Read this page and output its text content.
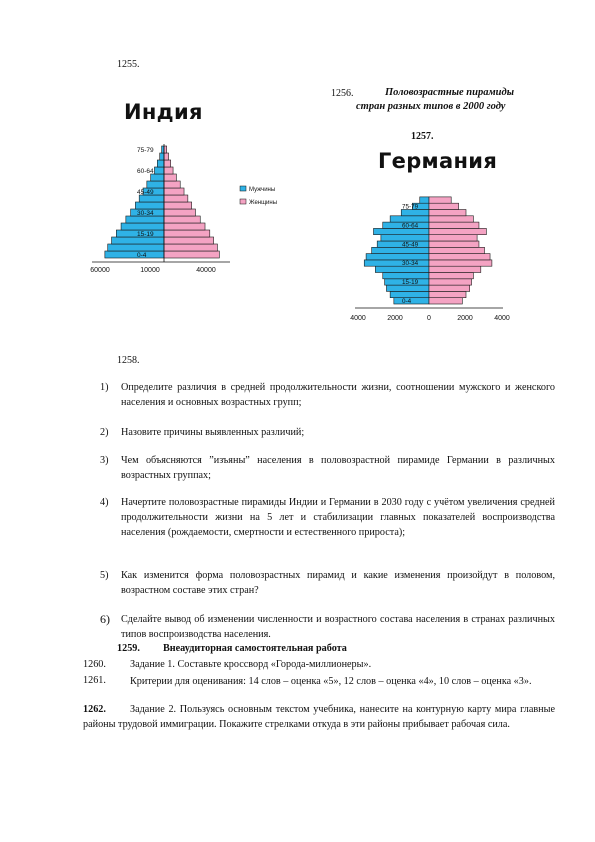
1255.
1256.	Половозрастные пирамиды
стран разных типов в 2000 году
1257.
Индия
75-79
60-64
45-49
30-34
15-19
0-4
60000	10000	40000
Мужчины
Женщины
Германия
0-4
15-19
30-34
45-49
60-64
75-79
4000	2000	0	2000	4000
1258.
1)	Определите различия в средней продолжительности жизни, соотношении мужского и женского населения и основных возрастных групп;
2)	Назовите причины выявленных различий;
3)	Чем объясняются ”изъяны” населения в половозрастной пирамиде Германии в различных возрастных группах;
4)	Начертите половозрастные пирамиды Индии и Германии в 2030 году с учётом увеличения средней продолжительности жизни на 5 лет и стабилизации главных показателей воспроизводства населения (рождаемости, смертности и естественного прироста);
5)	Как изменится форма половозрастных пирамид и какие изменения произойдут в половом, возрастном составе этих стран?
6)	Сделайте вывод об изменении численности и возрастного состава населения в странах различных типов воспроизводства населения.
1259. Внеаудиторная самостоятельная работа
1260. Задание 1. Составьте кроссворд «Города-миллионеры».
1261.	Критерии для оценивания: 14 слов – оценка «5», 12 слов – оценка «4», 10 слов – оценка «3».
1262. Задание 2. Пользуясь основным текстом учебника, нанесите на контурную карту мира главные районы трудовой иммиграции. Покажите стрелками откуда в эти районы прибывает рабочая сила.
